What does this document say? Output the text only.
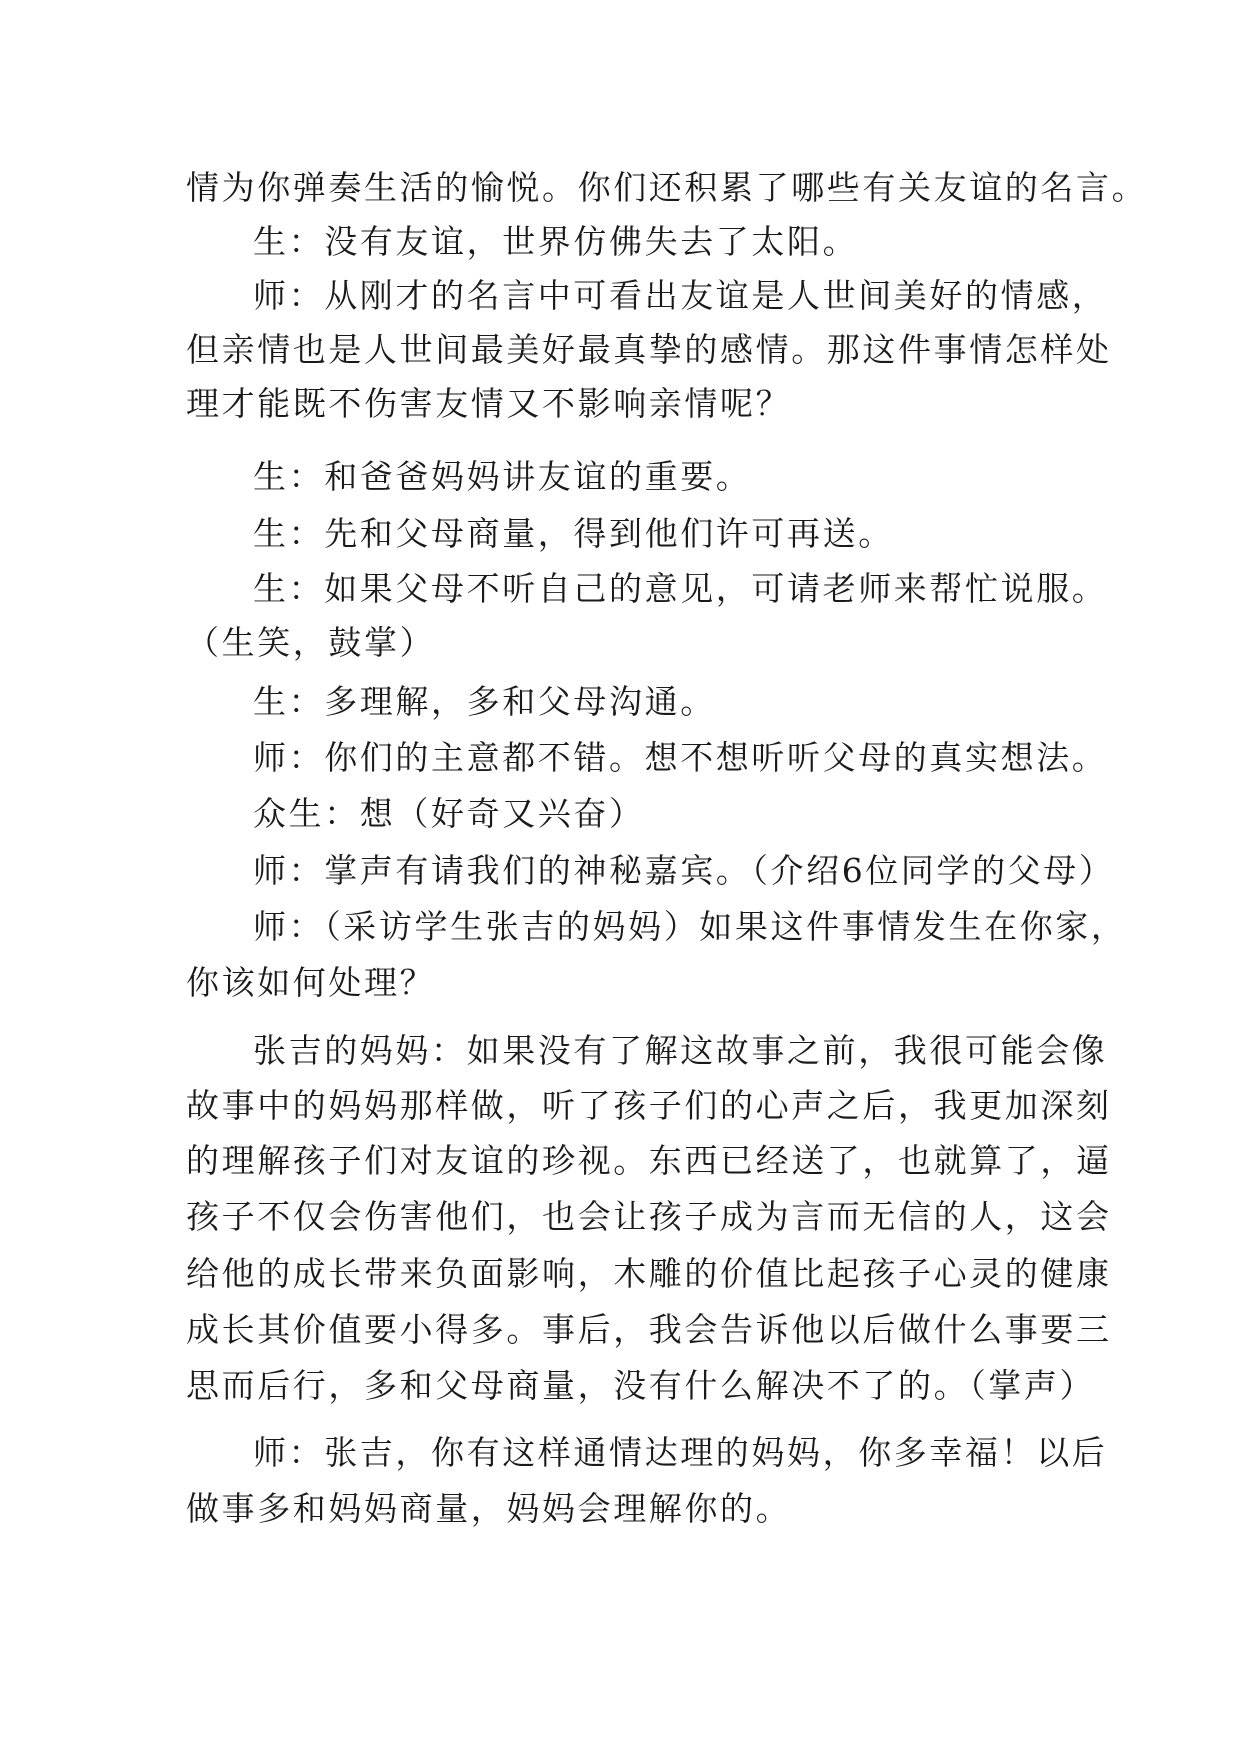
情为你弹奏生活的愉悦。你们还积累了哪些有关友谊的名言。
生：没有友谊，世界仿佛失去了太阳。
师：从刚才的名言中可看出友谊是人世间美好的情感，
但亲情也是人世间最美好最真挚的感情。那这件事情怎样处
理才能既不伤害友情又不影响亲情呢？
生：和爸爸妈妈讲友谊的重要。
生：先和父母商量，得到他们许可再送。
生：如果父母不听自己的意见，可请老师来帮忙说服。
（生笑，鼓掌）
生：多理解，多和父母沟通。
师：你们的主意都不错。想不想听听父母的真实想法。
众生：想（好奇又兴奋）
师：掌声有请我们的神秘嘉宾。（介绍6位同学的父母）
师：（采访学生张吉的妈妈）如果这件事情发生在你家，
你该如何处理？
张吉的妈妈：如果没有了解这故事之前，我很可能会像
故事中的妈妈那样做，听了孩子们的心声之后，我更加深刻
的理解孩子们对友谊的珍视。东西已经送了，也就算了，逼
孩子不仅会伤害他们，也会让孩子成为言而无信的人，这会
给他的成长带来负面影响，木雕的价值比起孩子心灵的健康
成长其价值要小得多。事后，我会告诉他以后做什么事要三
思而后行，多和父母商量，没有什么解决不了的。（掌声）
师：张吉，你有这样通情达理的妈妈，你多幸福！以后
做事多和妈妈商量，妈妈会理解你的。
